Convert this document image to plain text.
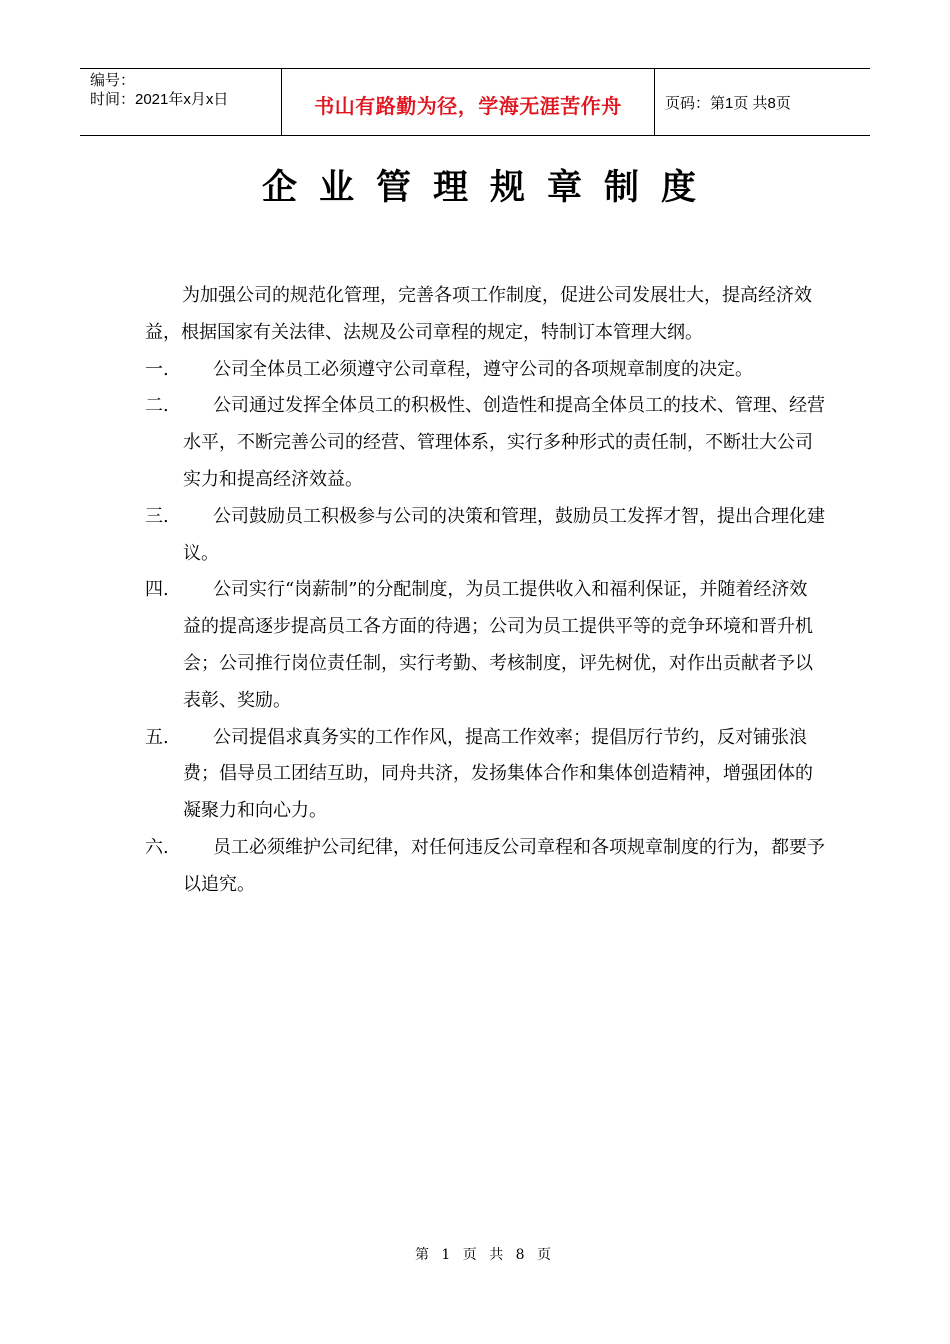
编号：
时间：2021年x月x日	书山有路勤为径，学海无涯苦作舟	页码：第1页 共8页
企业管理规章制度

为加强公司的规范化管理，完善各项工作制度，促进公司发展壮大，提高经济效益，根据国家有关法律、法规及公司章程的规定，特制订本管理大纲。

一.	公司全体员工必须遵守公司章程，遵守公司的各项规章制度的决定。
二.	公司通过发挥全体员工的积极性、创造性和提高全体员工的技术、管理、经营水平，不断完善公司的经营、管理体系，实行多种形式的责任制，不断壮大公司实力和提高经济效益。
三.	公司鼓励员工积极参与公司的决策和管理，鼓励员工发挥才智，提出合理化建议。
四.	公司实行“岗薪制”的分配制度，为员工提供收入和福利保证，并随着经济效益的提高逐步提高员工各方面的待遇；公司为员工提供平等的竞争环境和晋升机会；公司推行岗位责任制，实行考勤、考核制度，评先树优，对作出贡献者予以表彰、奖励。
五.	公司提倡求真务实的工作作风，提高工作效率；提倡厉行节约，反对铺张浪费；倡导员工团结互助，同舟共济，发扬集体合作和集体创造精神，增强团体的凝聚力和向心力。
六.	员工必须维护公司纪律，对任何违反公司章程和各项规章制度的行为，都要予以追究。
第 1 页 共 8 页
